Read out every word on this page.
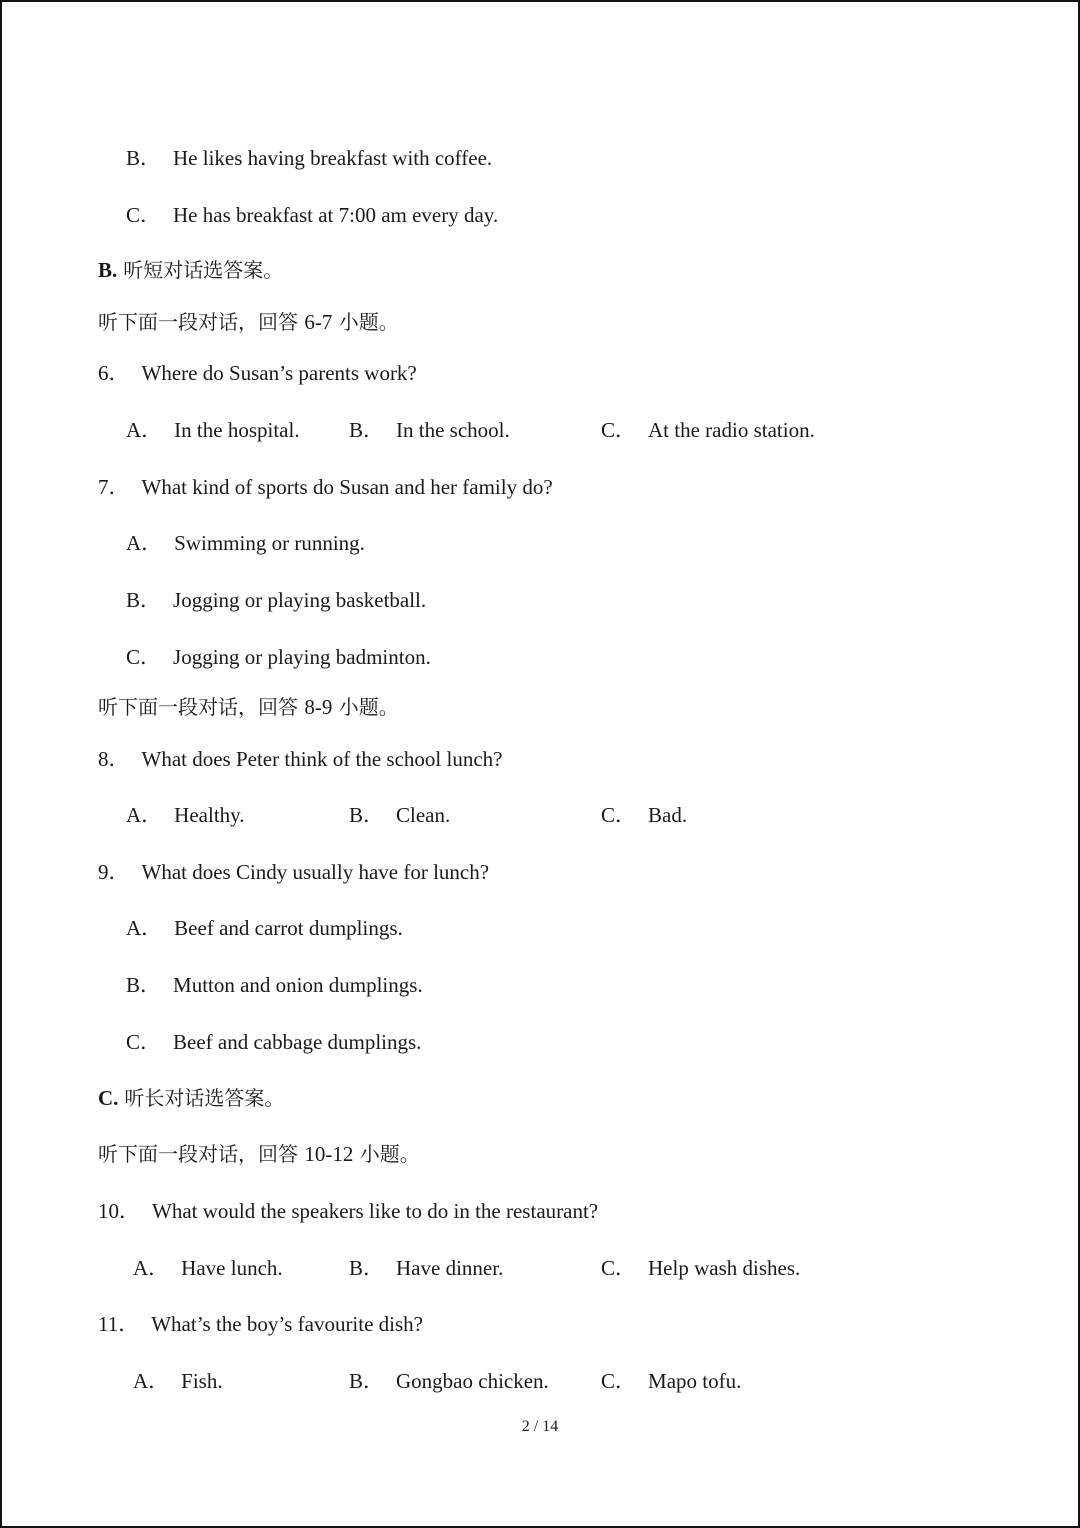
B． He likes having breakfast with coffee.
C． He has breakfast at 7:00 am every day.
B. 听短对话选答案。
听下面一段对话，回答 6-7 小题。
6． Where do Susan’s parents work?
A． In the hospital. B． In the school.	C． At the radio station.
7． What kind of sports do Susan and her family do?
A． Swimming or running.
B． Jogging or playing basketball.
C． Jogging or playing badminton.
听下面一段对话，回答 8-9 小题。
8． What does Peter think of the school lunch?
A． Healthy.	B． Clean.	C． Bad.
9． What does Cindy usually have for lunch?
A． Beef and carrot dumplings.
B． Mutton and onion dumplings.
C． Beef and cabbage dumplings.
C. 听长对话选答案。
听下面一段对话，回答 10-12 小题。
10． What would the speakers like to do in the restaurant?
A． Have lunch.	B． Have dinner.	C． Help wash dishes.
11． What’s the boy’s favourite dish?
A． Fish.	B． Gongbao chicken. C． Mapo tofu.
2 / 14
